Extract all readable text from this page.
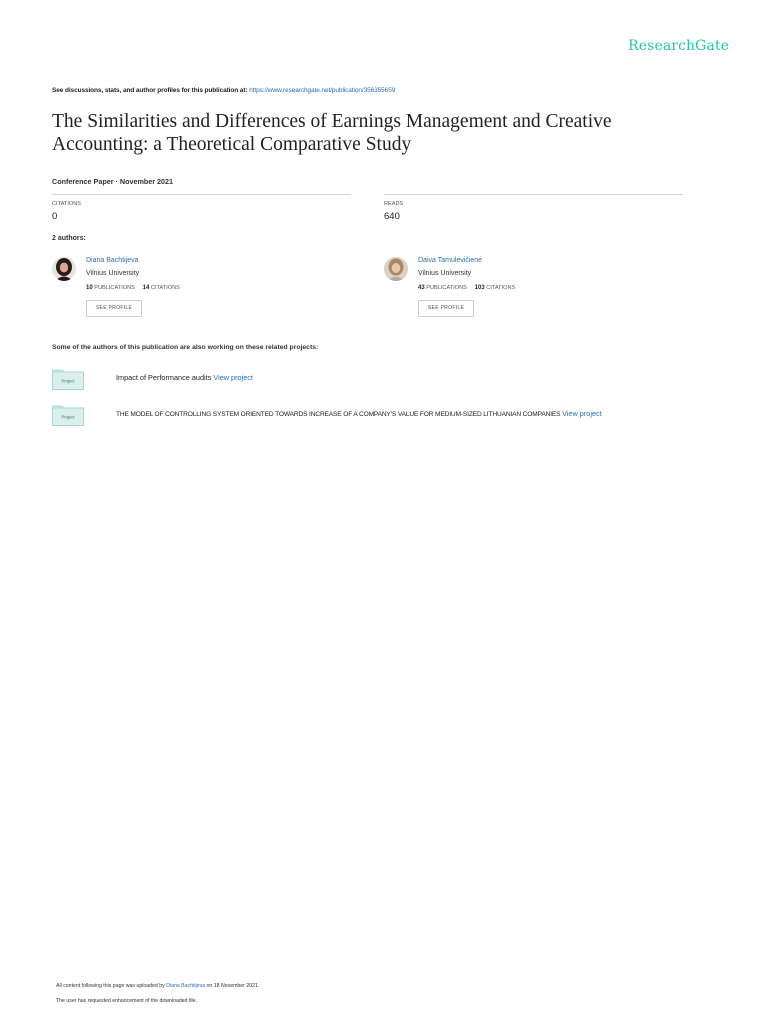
ResearchGate
See discussions, stats, and author profiles for this publication at: https://www.researchgate.net/publication/356355659
The Similarities and Differences of Earnings Management and Creative Accounting: a Theoretical Comparative Study
Conference Paper · November 2021
CITATIONS
0
READS
640
2 authors:
Diana Bachtijeva
Vilnius University
10 PUBLICATIONS 14 CITATIONS
SEE PROFILE
Daiva Tamulevičienė
Vilnius University
43 PUBLICATIONS 103 CITATIONS
SEE PROFILE
Some of the authors of this publication are also working on these related projects:
Project	Impact of Performance audits View project
Project	THE MODEL OF CONTROLLING SYSTEM ORIENTED TOWARDS INCREASE OF A COMPANY'S VALUE FOR MEDIUM-SIZED LITHUANIAN COMPANIES View project
All content following this page was uploaded by Diana Bachtijeva on 18 November 2021.
The user has requested enhancement of the downloaded file.
